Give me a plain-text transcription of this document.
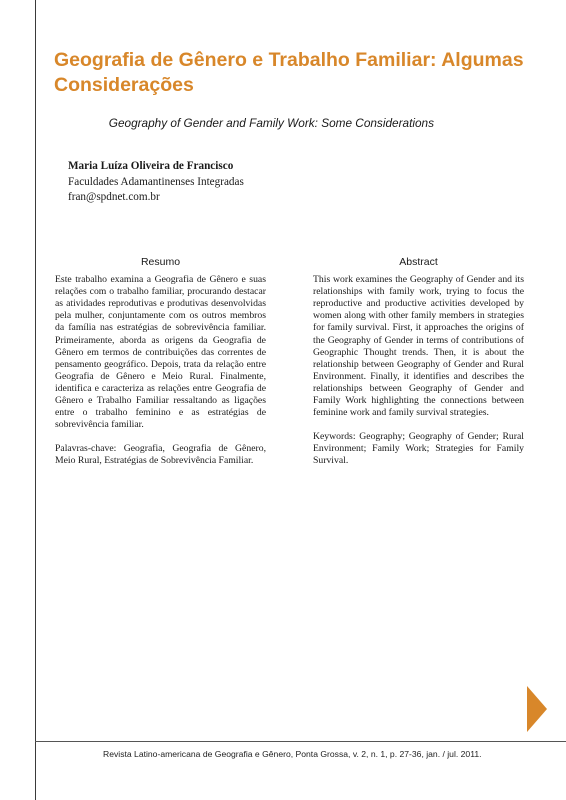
Geografia de Gênero e Trabalho Familiar: Algumas Considerações

Geography of Gender and Family Work: Some Considerations

Maria Luíza Oliveira de Francisco
Faculdades Adamantinenses Integradas
fran@spdnet.com.br
Resumo

Este trabalho examina a Geografia de Gênero e suas relações com o trabalho familiar, procurando destacar as atividades reprodutivas e produtivas desenvolvidas pela mulher, conjuntamente com os outros membros da família nas estratégias de sobrevivência familiar. Primeiramente, aborda as origens da Geografia de Gênero em termos de contribuições das correntes de pensamento geográfico. Depois, trata da relação entre Geografia de Gênero e Meio Rural. Finalmente, identifica e caracteriza as relações entre Geografia de Gênero e Trabalho Familiar ressaltando as ligações entre o trabalho feminino e as estratégias de sobrevivência familiar.

Palavras-chave: Geografia, Geografia de Gênero, Meio Rural, Estratégias de Sobrevivência Familiar.

Abstract

This work examines the Geography of Gender and its relationships with family work, trying to focus the reproductive and productive activities developed by women along with other family members in strategies for family survival. First, it approaches the origins of the Geography of Gender in terms of contributions of Geographic Thought trends. Then, it is about the relationship between Geography of Gender and Rural Environment. Finally, it identifies and describes the relationships between Geography of Gender and Family Work highlighting the connections between feminine work and family survival strategies.

Keywords: Geography; Geography of Gender; Rural Environment; Family Work; Strategies for Family Survival.

Revista Latino-americana de Geografia e Gênero, Ponta Grossa, v. 2, n. 1, p. 27-36, jan. / jul. 2011.
